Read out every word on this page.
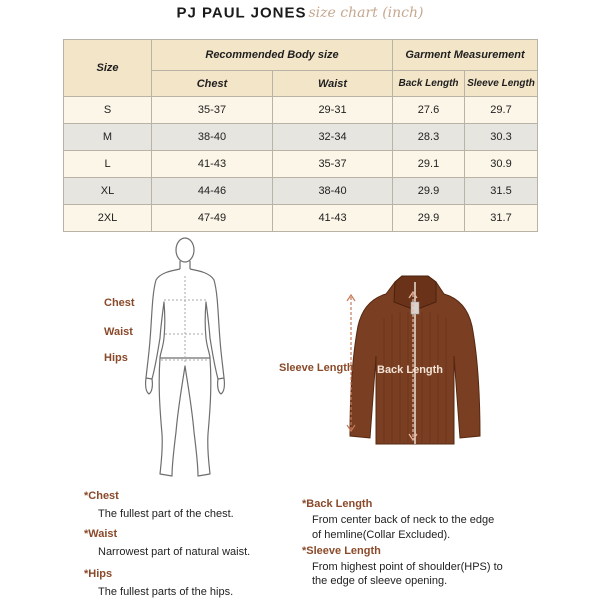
PJ PAUL JONES size chart (inch)
Size	Recommended Body size		Garment Measurement	
	Chest	Waist	Back Length	Sleeve Length
S	35-37	29-31	27.6	29.7
M	38-40	32-34	28.3	30.3
L	41-43	35-37	29.1	30.9
XL	44-46	38-40	29.9	31.5
2XL	47-49	41-43	29.9	31.7
Chest
Waist
Hips
Sleeve Length Back Length
*Chest
The fullest part of the chest.
*Waist
Narrowest part of natural waist.
*Hips
The fullest parts of the hips.
*Back Length
From center back of neck to the edge
of hemline(Collar Excluded).
*Sleeve Length
From highest point of shoulder(HPS) to
the edge of sleeve opening.
